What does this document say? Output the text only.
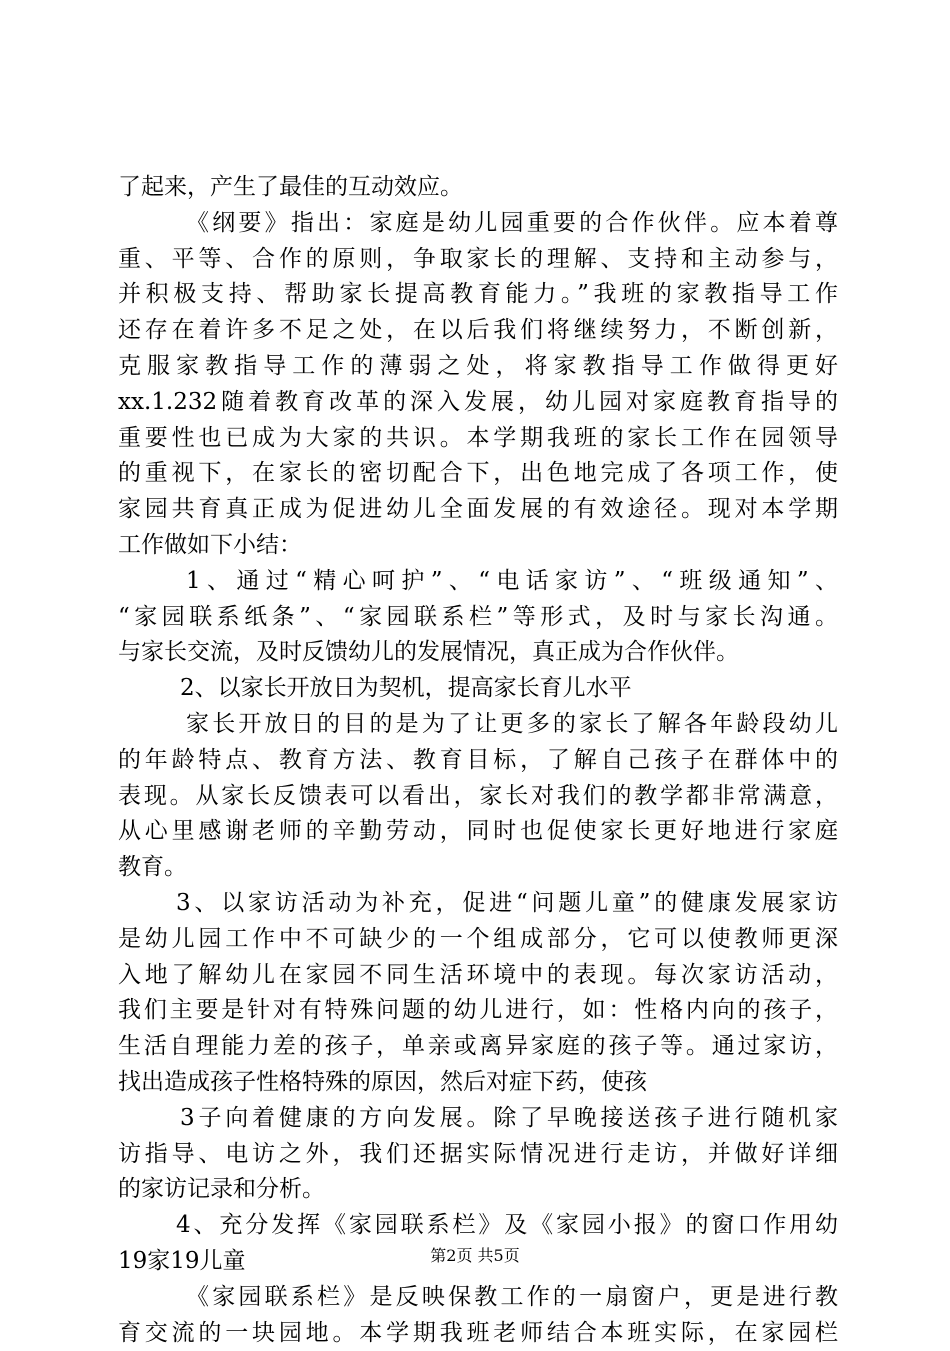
了起来，产生了最佳的互动效应。
《纲要》指出：家庭是幼儿园重要的合作伙伴。应本着尊
重、平等、合作的原则，争取家长的理解、支持和主动参与，
并积极支持、帮助家长提高教育能力。”我班的家教指导工作
还存在着许多不足之处，在以后我们将继续努力，不断创新，
克服家教指导工作的薄弱之处，将家教指导工作做得更好
xx.1.232随着教育改革的深入发展，幼儿园对家庭教育指导的
重要性也已成为大家的共识。本学期我班的家长工作在园领导
的重视下，在家长的密切配合下，出色地完成了各项工作，使
家园共育真正成为促进幼儿全面发展的有效途径。现对本学期
工作做如下小结：
1、通过“精心呵护”、“电话家访”、“班级通知”、
“家园联系纸条”、“家园联系栏”等形式，及时与家长沟通。
与家长交流，及时反馈幼儿的发展情况，真正成为合作伙伴。
2、以家长开放日为契机，提高家长育儿水平
家长开放日的目的是为了让更多的家长了解各年龄段幼儿
的年龄特点、教育方法、教育目标，了解自己孩子在群体中的
表现。从家长反馈表可以看出，家长对我们的教学都非常满意，
从心里感谢老师的辛勤劳动，同时也促使家长更好地进行家庭
教育。
3、以家访活动为补充，促进“问题儿童”的健康发展家访
是幼儿园工作中不可缺少的一个组成部分，它可以使教师更深
入地了解幼儿在家园不同生活环境中的表现。每次家访活动，
我们主要是针对有特殊问题的幼儿进行，如：性格内向的孩子，
生活自理能力差的孩子，单亲或离异家庭的孩子等。通过家访，
找出造成孩子性格特殊的原因，然后对症下药，使孩
3子向着健康的方向发展。除了早晚接送孩子进行随机家
访指导、电访之外，我们还据实际情况进行走访，并做好详细
的家访记录和分析。
4、充分发挥《家园联系栏》及《家园小报》的窗口作用幼
19家19儿童
《家园联系栏》是反映保教工作的一扇窗户，更是进行教
育交流的一块园地。本学期我班老师结合本班实际，在家园栏
第2页 共5页
